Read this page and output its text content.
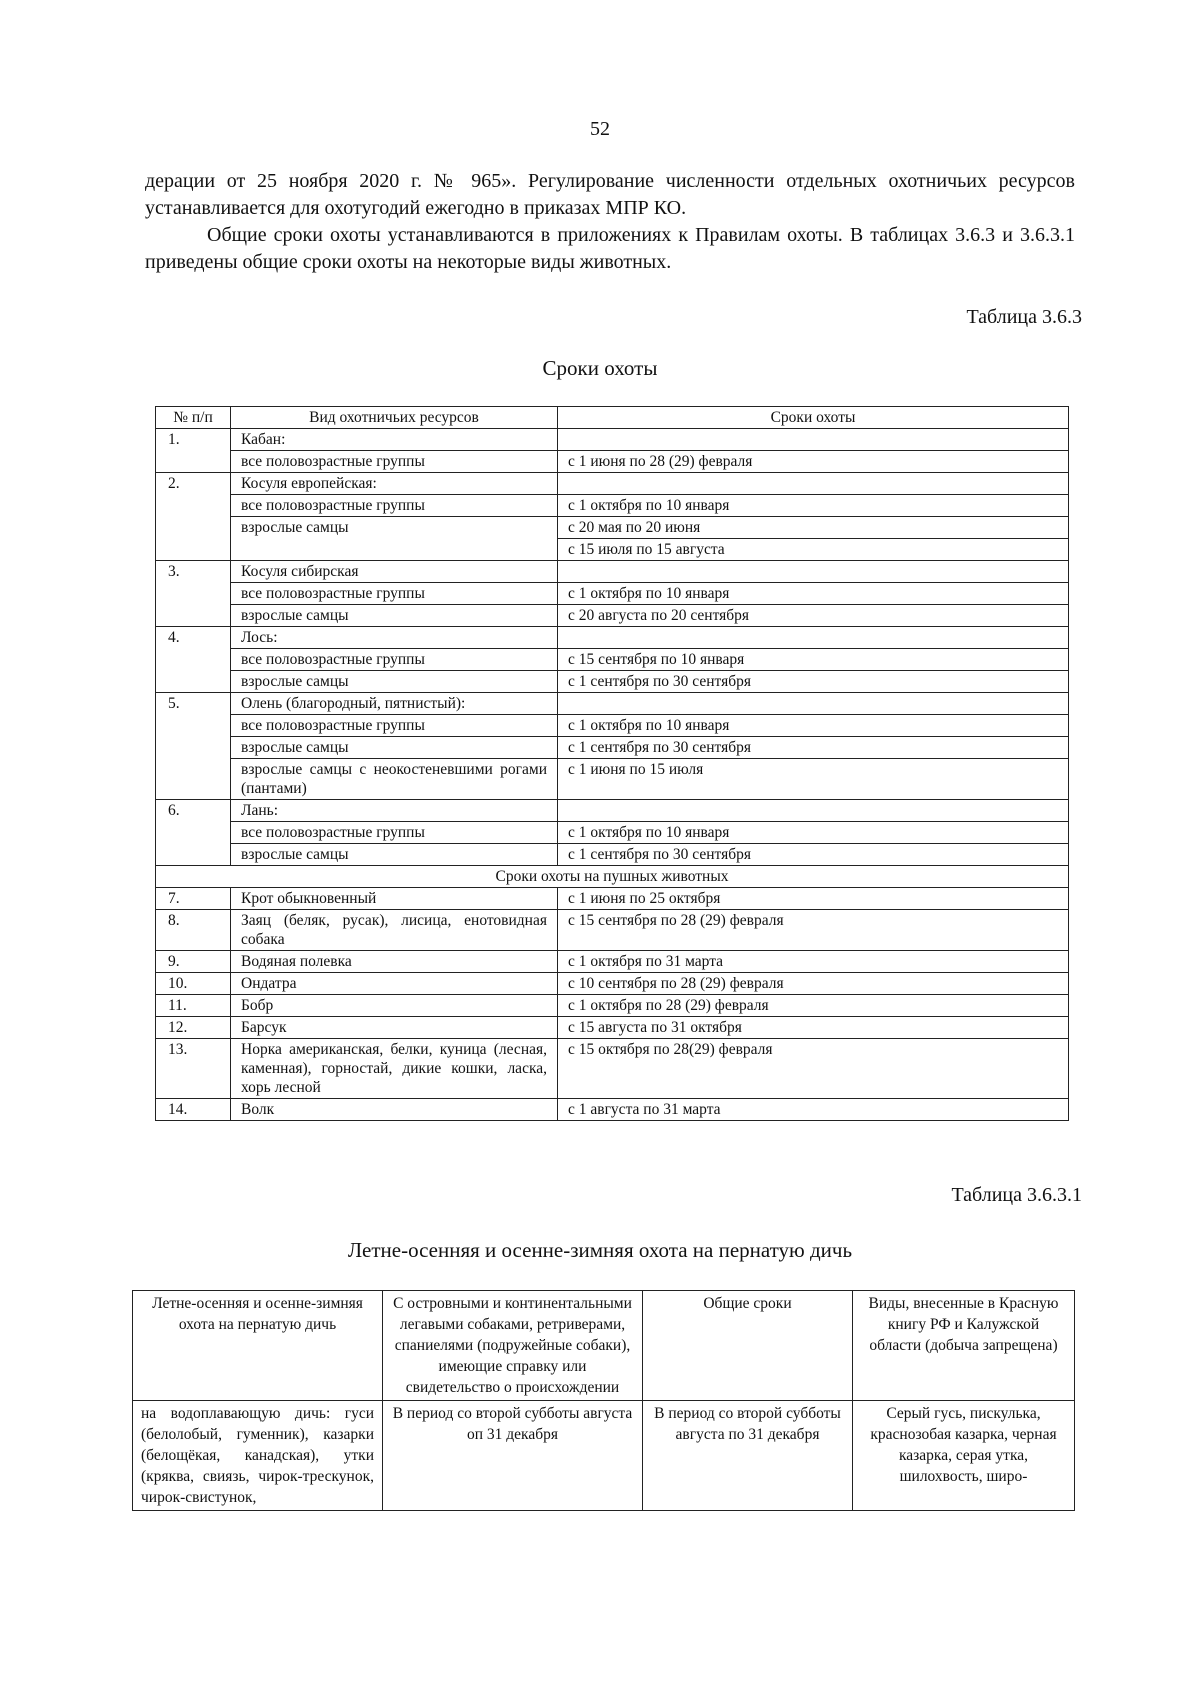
52

дерации от 25 ноября 2020 г. № 965». Регулирование численности отдельных охотничьих ресурсов устанавливается для охотугодий ежегодно в приказах МПР КО.

Общие сроки охоты устанавливаются в приложениях к Правилам охоты. В таблицах 3.6.3 и 3.6.3.1 приведены общие сроки охоты на некоторые виды животных.

Таблица 3.6.3
Сроки охоты
№ п/п	Вид охотничьих ресурсов	Сроки охоты
1.	Кабан:	
	все половозрастные группы	с 1 июня по 28 (29) февраля
2.	Косуля европейская:	
	все половозрастные группы	с 1 октября по 10 января
	взрослые самцы	с 20 мая по 20 июня
		с 15 июля по 15 августа
3.	Косуля сибирская	
	все половозрастные группы	с 1 октября по 10 января
	взрослые самцы	с 20 августа по 20 сентября
4.	Лось:	
	все половозрастные группы	с 15 сентября по 10 января
	взрослые самцы	с 1 сентября по 30 сентября
5.	Олень (благородный, пятнистый):	
	все половозрастные группы	с 1 октября по 10 января
	взрослые самцы	с 1 сентября по 30 сентября
	взрослые самцы с неокостеневшими рогами (пантами)	с 1 июня по 15 июля
6.	Лань:	
	все половозрастные группы	с 1 октября по 10 января
	взрослые самцы	с 1 сентября по 30 сентября
Сроки охоты на пушных животных		
7.	Крот обыкновенный	с 1 июня по 25 октября
8.	Заяц (беляк, русак), лисица, енотовидная собака	с 15 сентября по 28 (29) февраля
9.	Водяная полевка	с 1 октября по 31 марта
10.	Ондатра	с 10 сентября по 28 (29) февраля
11.	Бобр	с 1 октября по 28 (29) февраля
12.	Барсук	с 15 августа по 31 октября
13.	Норка американская, белки, куница (лесная, каменная), горностай, дикие кошки, ласка, хорь лесной	с 15 октября по 28(29) февраля
14.	Волк	с 1 августа по 31 марта
Таблица 3.6.3.1
Летне-осенняя и осенне-зимняя охота на пернатую дичь
Летне-осенняя и осенне-зимняя охота на пернатую дичь	С островными и континентальными легавыми собаками, ретриверами, спаниелями (подружейные собаки), имеющие справку или свидетельство о происхождении	Общие сроки	Виды, внесенные в Красную книгу РФ и Калужской области (добыча запрещена)
на водоплавающую дичь: гуси (белолобый, гуменник), казарки (белощёкая, канадская), утки (кряква, свиязь, чирок-трескунок, чирок-свистунок,	В период со второй субботы августа оп 31 декабря	В период со второй субботы августа по 31 декабря	Серый гусь, пискулька, краснозобая казарка, черная казарка, серая утка, шилохвость, широ-
